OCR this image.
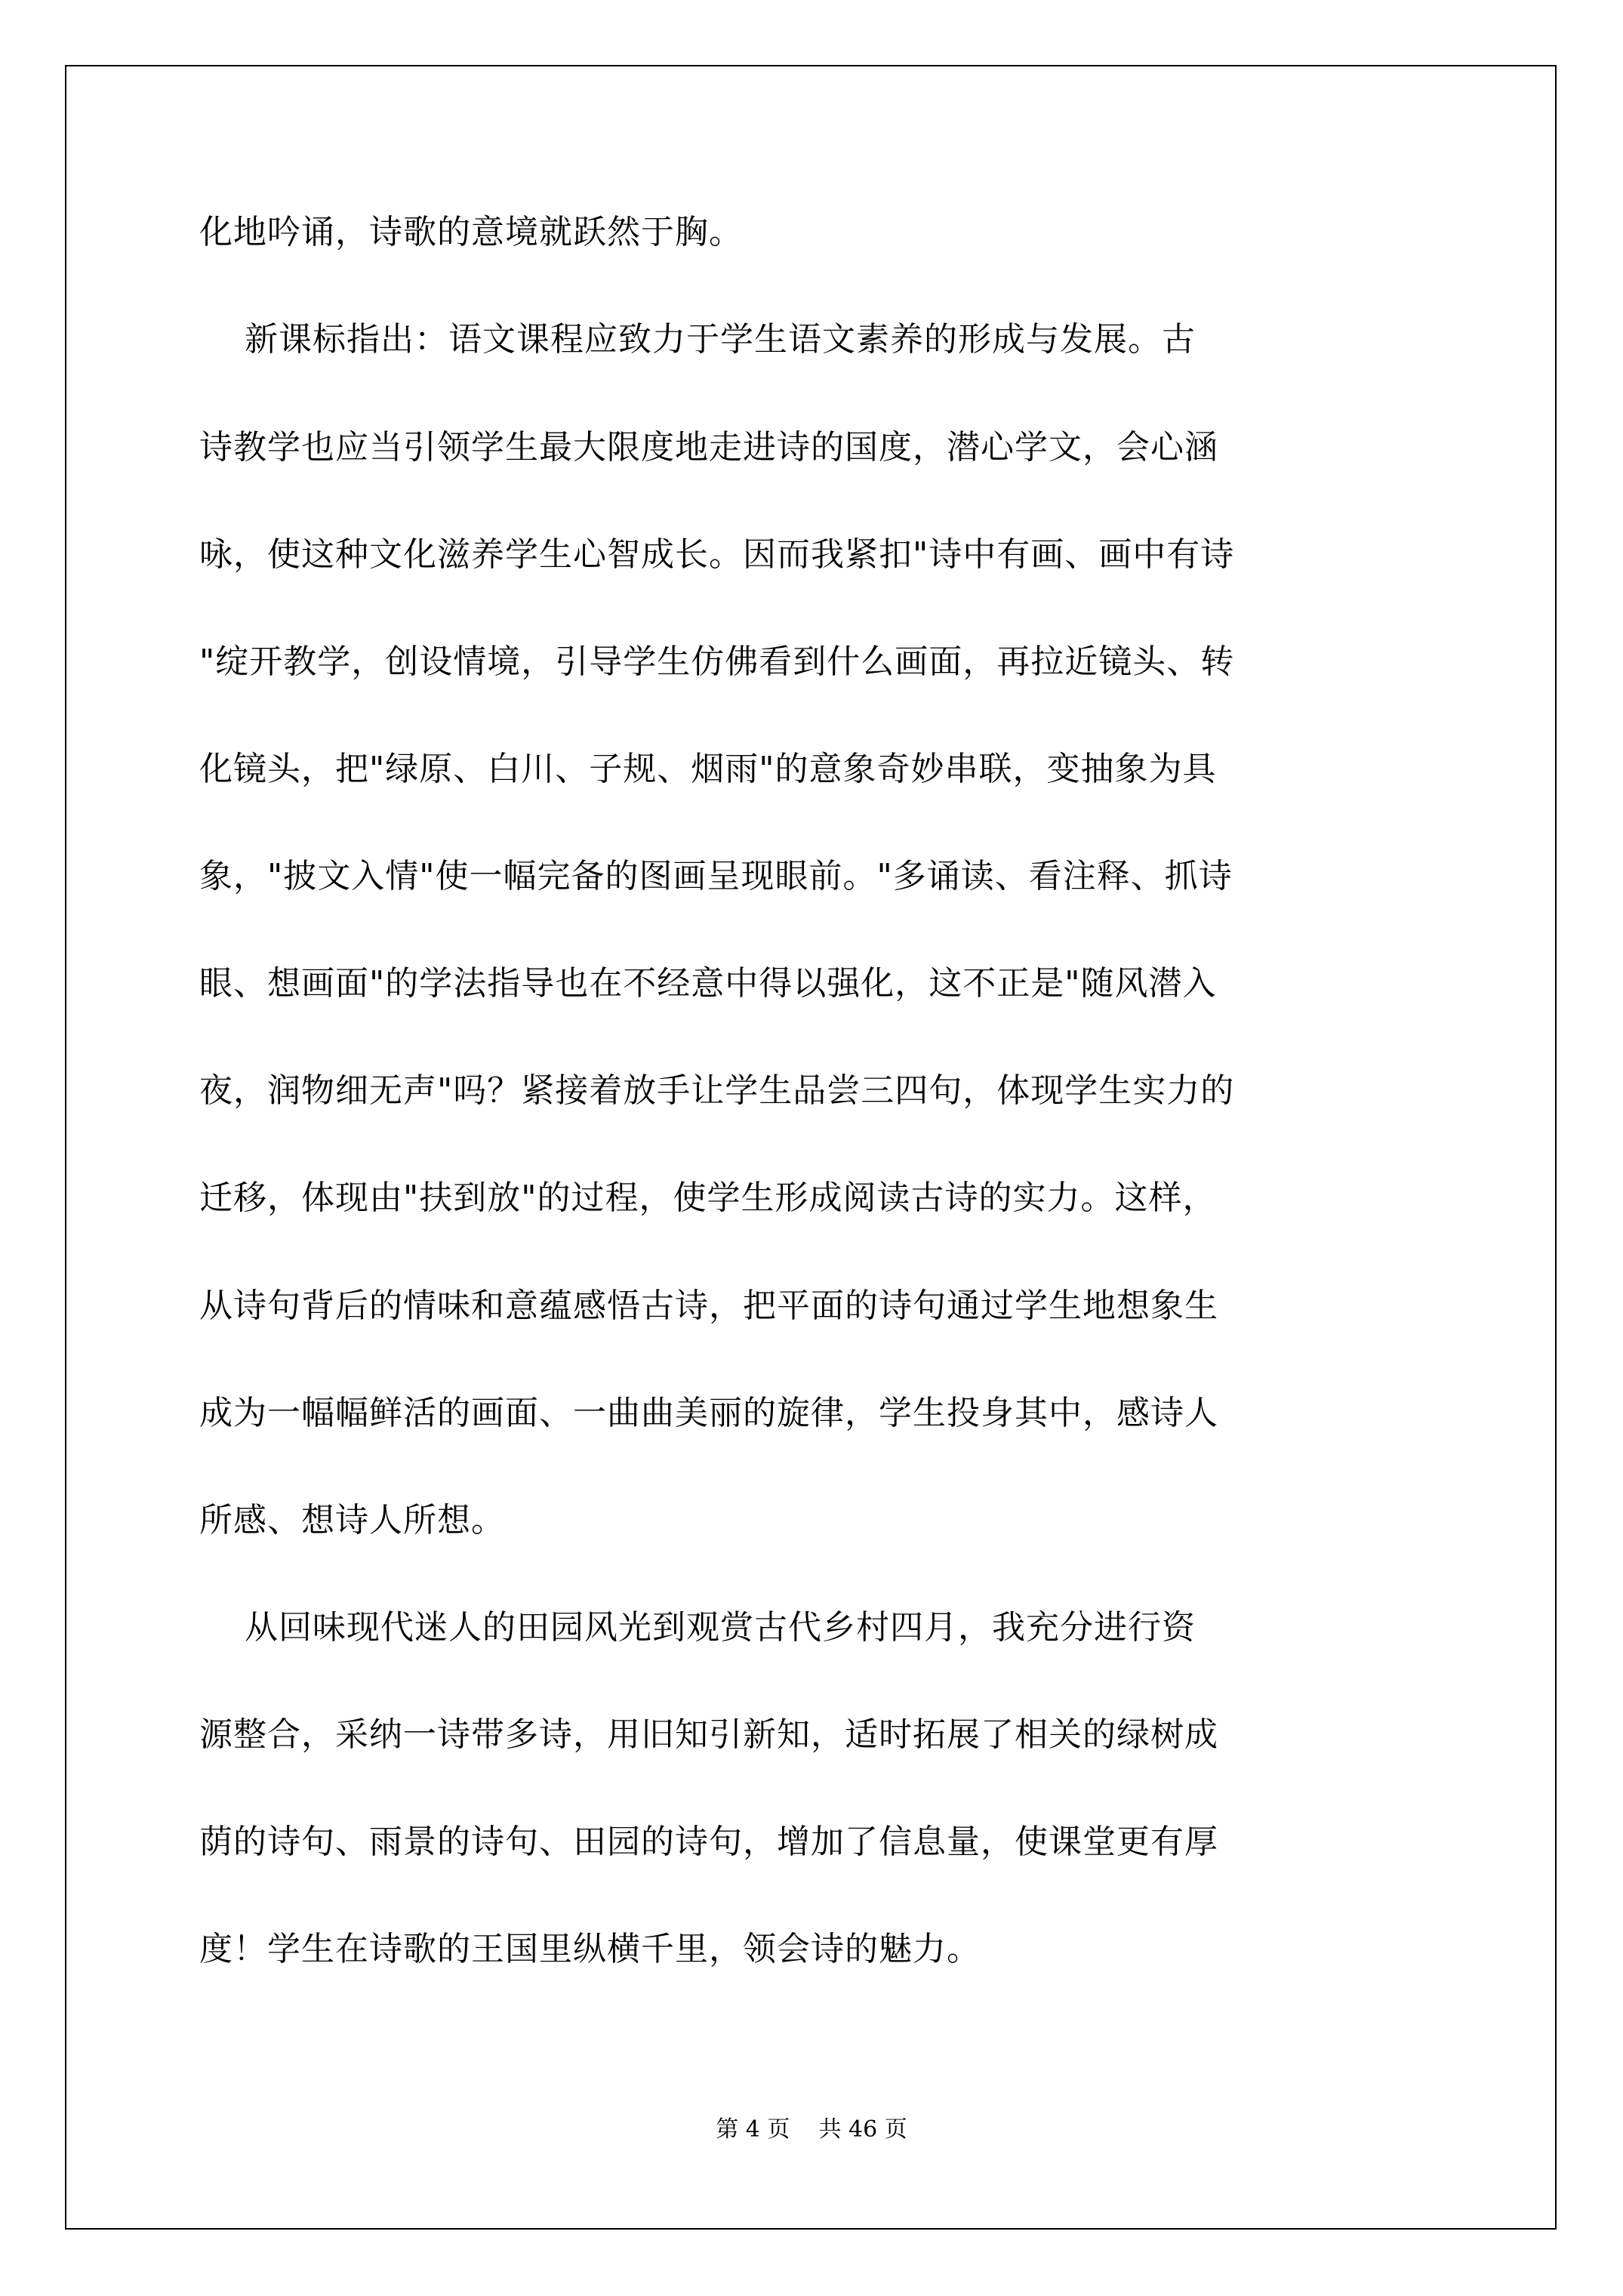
化地吟诵，诗歌的意境就跃然于胸。
新课标指出：语文课程应致力于学生语文素养的形成与发展。古
诗教学也应当引领学生最大限度地走进诗的国度，潜心学文，会心涵
咏，使这种文化滋养学生心智成长。因而我紧扣"诗中有画、画中有诗
"绽开教学，创设情境，引导学生仿佛看到什么画面，再拉近镜头、转
化镜头，把"绿原、白川、子规、烟雨"的意象奇妙串联，变抽象为具
象，"披文入情"使一幅完备的图画呈现眼前。"多诵读、看注释、抓诗
眼、想画面"的学法指导也在不经意中得以强化，这不正是"随风潜入
夜，润物细无声"吗？紧接着放手让学生品尝三四句，体现学生实力的
迁移，体现由"扶到放"的过程，使学生形成阅读古诗的实力。这样，
从诗句背后的情味和意蕴感悟古诗，把平面的诗句通过学生地想象生
成为一幅幅鲜活的画面、一曲曲美丽的旋律，学生投身其中，感诗人
所感、想诗人所想。
从回味现代迷人的田园风光到观赏古代乡村四月，我充分进行资
源整合，采纳一诗带多诗，用旧知引新知，适时拓展了相关的绿树成
荫的诗句、雨景的诗句、田园的诗句，增加了信息量，使课堂更有厚
度！学生在诗歌的王国里纵横千里，领会诗的魅力。
第 4 页    共 46 页
